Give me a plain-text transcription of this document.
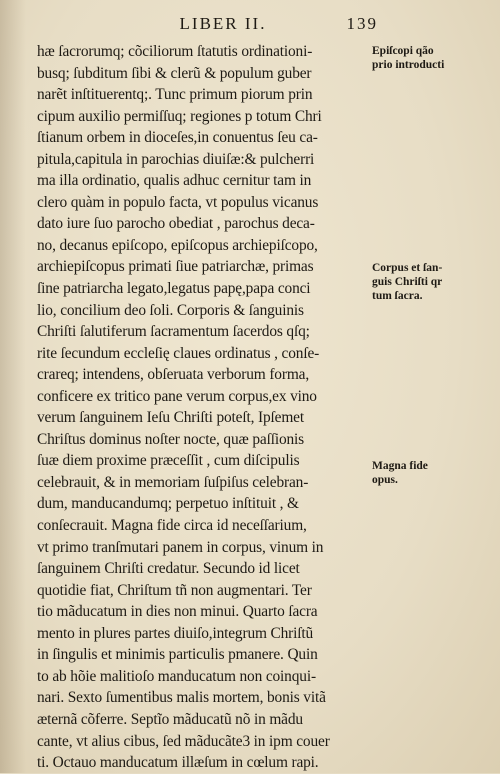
LIBER II.	139
hæ ſacrorumq; cõciliorum ſtatutis ordinationi-
busq; ſubditum ſibi & clerũ & populum guber
narẽt inſtituerentq;. Tunc primum piorum prin
cipum auxilio permiſſuq; regiones p totum Chri
ſtianum orbem in dioceſes,in conuentus ſeu ca-
pitula,capitula in parochias diuiſæ:& pulcherri
ma illa ordinatio, qualis adhuc cernitur tam in
clero quàm in populo facta, vt populus vicanus
dato iure ſuo parocho obediat , parochus deca-
no, decanus epiſcopo, epiſcopus archiepiſcopo,
archiepiſcopus primati ſiue patriarchæ, primas
ſine patriarcha legato,legatus papę,papa conci
lio, concilium deo ſoli. Corporis & ſanguinis
Chriſti ſalutiferum ſacramentum ſacerdos qſq;
rite ſecundum eccleſię claues ordinatus , conſe-
crareq; intendens, obſeruata verborum forma,
conficere ex tritico pane verum corpus,ex vino
verum ſanguinem Ieſu Chriſti poteſt, Ipſemet
Chriſtus dominus noſter nocte, quæ paſſionis
ſuæ diem proxime præceſſit , cum diſcipulis
celebrauit, & in memoriam ſuſpiſus celebran-
dum, manducandumq; perpetuo inſtituit , &
conſecrauit. Magna fide circa id neceſſarium,
vt primo tranſmutari panem in corpus, vinum in
ſanguinem Chriſti credatur. Secundo id licet
quotidie fiat, Chriſtum tñ non augmentari. Ter
tio mãducatum in dies non minui. Quarto ſacra
mento in plures partes diuiſo,integrum Chriſtũ
in ſingulis et minimis particulis pmanere. Quin
to ab hõie malitioſo manducatum non coinqui-
nari. Sexto ſumentibus malis mortem, bonis vitã
æternã cõferre. Septĩo mãducatũ nõ in mãdu
cante, vt alius cibus, ſed mãducãte3 in ipm couer
ti. Octauo manducatum illæſum in cœlum rapi.
Epiſcopi qão
prio introducti
Corpus et ſan-
guis Chriſti qr
tum ſacra.
Magna fide
opus.
